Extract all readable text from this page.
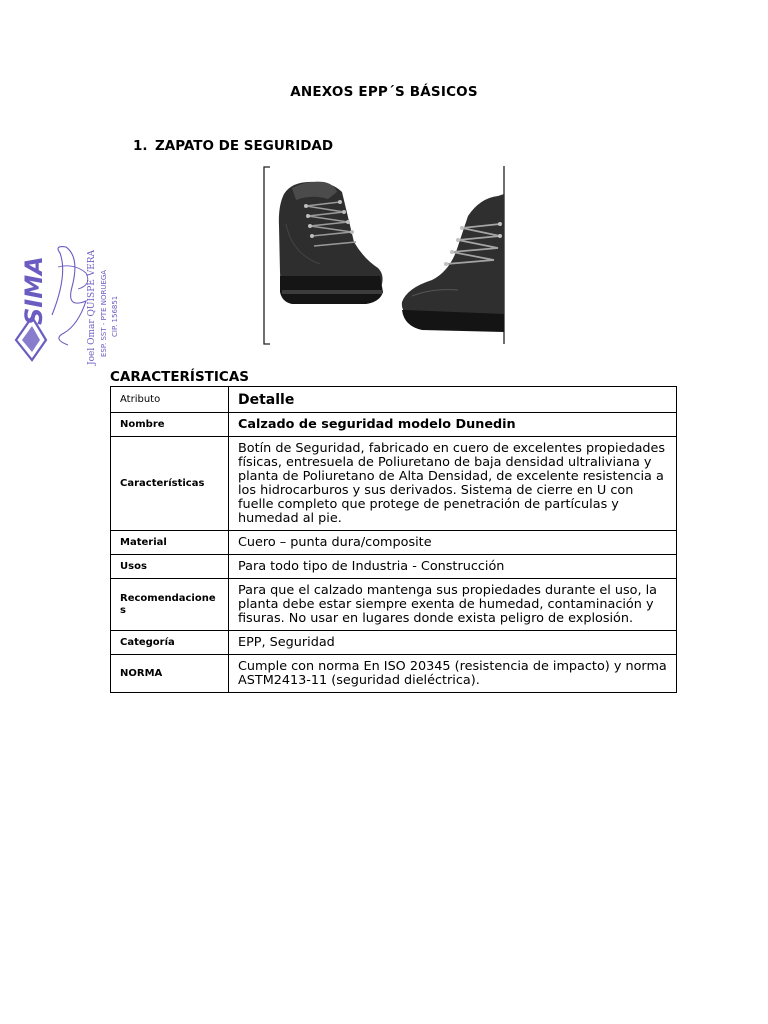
ANEXOS EPP´S BÁSICOS
1. ZAPATO DE SEGURIDAD
SIMA	Joel Omar QUISPE VERA ESP. SST - PTE NORUEGA CIP. 156851
CARACTERÍSTICAS
Atributo	Detalle
Nombre	Calzado de seguridad modelo Dunedin
Características	Botín de Seguridad, fabricado en cuero de excelentes propiedades físicas, entresuela de Poliuretano de baja densidad ultraliviana y planta de Poliuretano de Alta Densidad, de excelente resistencia a los hidrocarburos y sus derivados. Sistema de cierre en U con fuelle completo que protege de penetración de partículas y humedad al pie.
Material	Cuero – punta dura/composite
Usos	Para todo tipo de Industria - Construcción
Recomendaciones	Para que el calzado mantenga sus propiedades durante el uso, la planta debe estar siempre exenta de humedad, contaminación y fisuras. No usar en lugares donde exista peligro de explosión.
Categoría	EPP, Seguridad
NORMA	Cumple con norma En ISO 20345 (resistencia de impacto) y norma ASTM2413-11 (seguridad dieléctrica).
